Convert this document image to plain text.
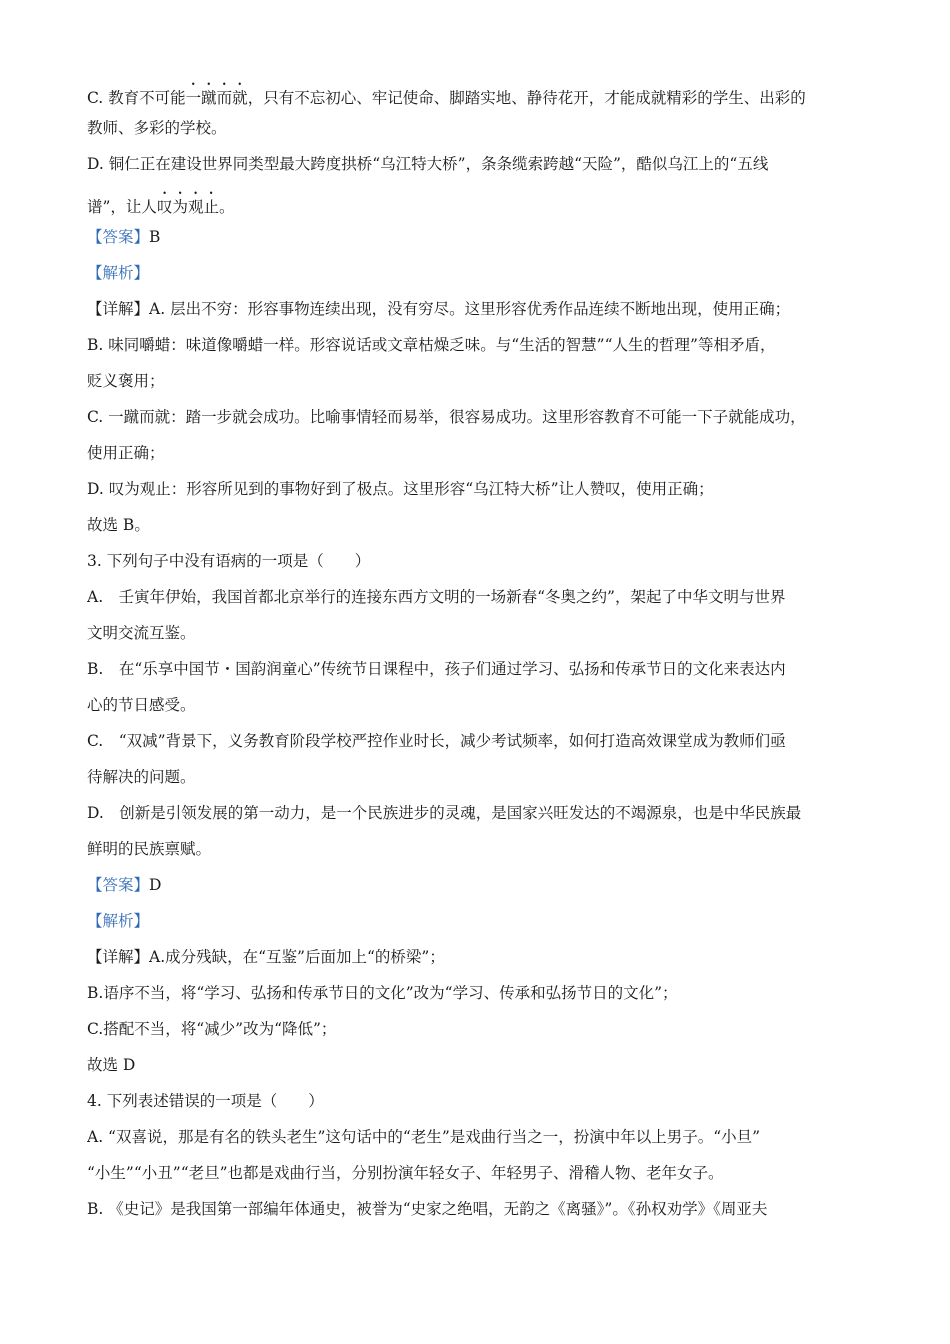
C. 教育不可能一蹴而就，只有不忘初心、牢记使命、脚踏实地、静待花开，才能成就精彩的学生、出彩的
教师、多彩的学校。
D. 铜仁正在建设世界同类型最大跨度拱桥“乌江特大桥”，条条缆索跨越“天险”，酷似乌江上的“五线
谱”，让人叹为观止。
【答案】B
【解析】
【详解】A. 层出不穷：形容事物连续出现，没有穷尽。这里形容优秀作品连续不断地出现，使用正确；
B. 味同嚼蜡：味道像嚼蜡一样。形容说话或文章枯燥乏味。与“生活的智慧”“人生的哲理”等相矛盾，
贬义褒用；
C. 一蹴而就：踏一步就会成功。比喻事情轻而易举，很容易成功。这里形容教育不可能一下子就能成功，
使用正确；
D. 叹为观止：形容所见到的事物好到了极点。这里形容“乌江特大桥”让人赞叹，使用正确；
故选 B。
3. 下列句子中没有语病的一项是（　　）
A.　壬寅年伊始，我国首都北京举行的连接东西方文明的一场新春“冬奥之约”，架起了中华文明与世界
文明交流互鉴。
B.　在“乐享中国节・国韵润童心”传统节日课程中，孩子们通过学习、弘扬和传承节日的文化来表达内
心的节日感受。
C.　“双减”背景下，义务教育阶段学校严控作业时长，减少考试频率，如何打造高效课堂成为教师们亟
待解决的问题。
D.　创新是引领发展的第一动力，是一个民族进步的灵魂，是国家兴旺发达的不竭源泉，也是中华民族最
鲜明的民族禀赋。
【答案】D
【解析】
【详解】A.成分残缺，在“互鉴”后面加上“的桥梁”；
B.语序不当，将“学习、弘扬和传承节日的文化”改为“学习、传承和弘扬节日的文化”；
C.搭配不当，将“减少”改为“降低”；
故选 D
4. 下列表述错误的一项是（　　）
A. “双喜说，那是有名的铁头老生”这句话中的“老生”是戏曲行当之一，扮演中年以上男子。“小旦”
“小生”“小丑”“老旦”也都是戏曲行当，分别扮演年轻女子、年轻男子、滑稽人物、老年女子。
B. 《史记》是我国第一部编年体通史，被誉为“史家之绝唱，无韵之《离骚》”。《孙权劝学》《周亚夫
